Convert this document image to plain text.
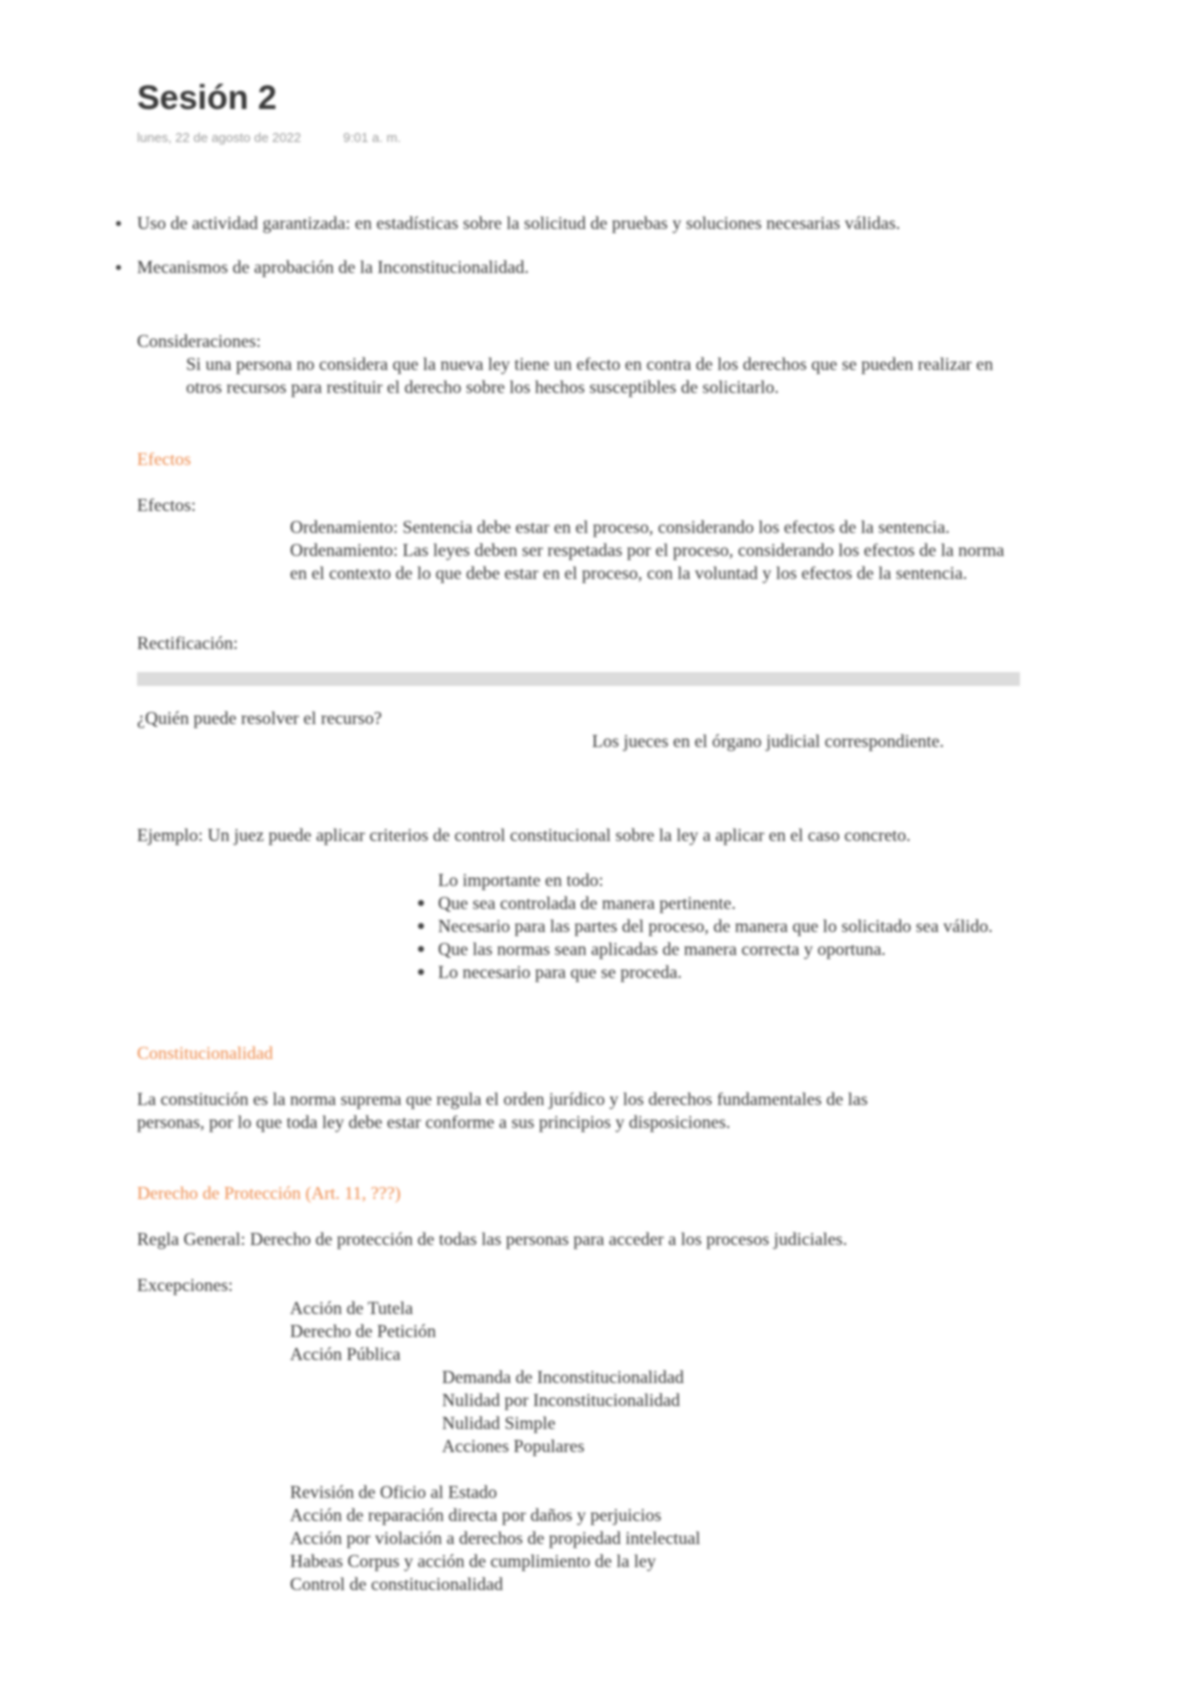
Sesión 2
lunes, 22 de agosto de 2022	9:01 a. m.
Uso de actividad garantizada: en estadísticas sobre la solicitud de pruebas y soluciones necesarias válidas.
Mecanismos de aprobación de la Inconstitucionalidad.
Consideraciones:
Si una persona no considera que la nueva ley tiene un efecto en contra de los derechos que se pueden realizar en otros recursos para restituir el derecho sobre los hechos susceptibles de solicitarlo.
Efectos
Efectos:
Ordenamiento: Sentencia debe estar en el proceso, considerando los efectos de la sentencia. Ordenamiento: Las leyes deben ser respetadas por el proceso, considerando los efectos de la norma en el contexto de lo que debe estar en el proceso, con la voluntad y los efectos de la sentencia.
Rectificación:
¿Quién puede resolver el recurso?
Los jueces en el órgano judicial correspondiente.
Ejemplo: Un juez puede aplicar criterios de control constitucional sobre la ley a aplicar en el caso concreto.
Lo importante en todo:
Que sea controlada de manera pertinente.
Necesario para las partes del proceso, de manera que lo solicitado sea válido.
Que las normas sean aplicadas de manera correcta y oportuna.
Lo necesario para que se proceda.
Constitucionalidad
La constitución es la norma suprema que regula el orden jurídico y los derechos fundamentales de las personas, por lo que toda ley debe estar conforme a sus principios y disposiciones.
Derecho de Protección (Art. 11, ???)
Regla General: Derecho de protección de todas las personas para acceder a los procesos judiciales.
Excepciones:
Acción de Tutela
Derecho de Petición
Acción Pública
Demanda de Inconstitucionalidad
Nulidad por Inconstitucionalidad
Nulidad Simple
Acciones Populares
Revisión de Oficio al Estado
Acción de reparación directa por daños y perjuicios
Acción por violación a derechos de propiedad intelectual
Habeas Corpus y acción de cumplimiento de la ley
Control de constitucionalidad
